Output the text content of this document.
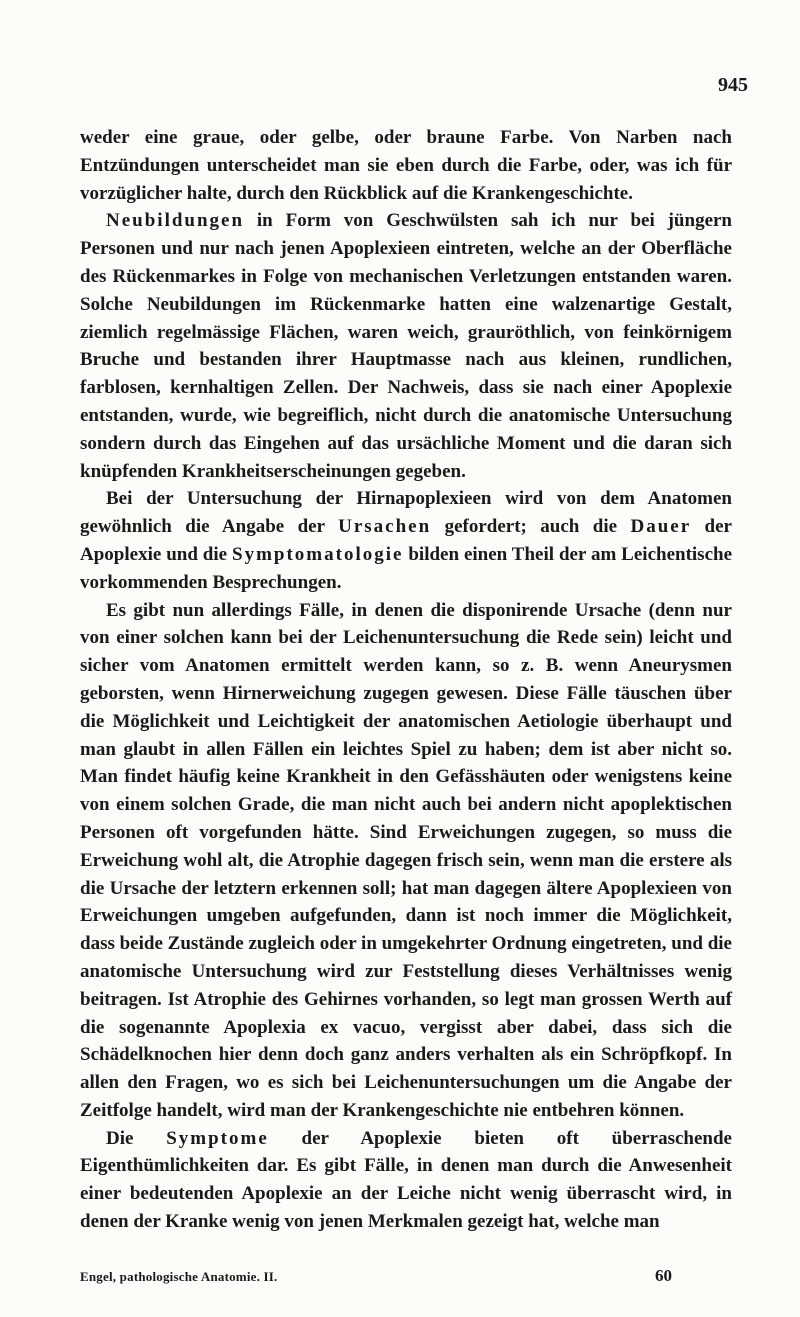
945

weder eine graue, oder gelbe, oder braune Farbe. Von Narben nach Entzündungen unterscheidet man sie eben durch die Farbe, oder, was ich für vorzüglicher halte, durch den Rückblick auf die Krankengeschichte.

Neubildungen in Form von Geschwülsten sah ich nur bei jüngern Personen und nur nach jenen Apoplexieen eintreten, welche an der Oberfläche des Rückenmarkes in Folge von mechanischen Verletzungen entstanden waren. Solche Neubildungen im Rückenmarke hatten eine walzenartige Gestalt, ziemlich regelmässige Flächen, waren weich, grauröthlich, von feinkörnigem Bruche und bestanden ihrer Hauptmasse nach aus kleinen, rundlichen, farblosen, kernhaltigen Zellen. Der Nachweis, dass sie nach einer Apoplexie entstanden, wurde, wie begreiflich, nicht durch die anatomische Untersuchung sondern durch das Eingehen auf das ursächliche Moment und die daran sich knüpfenden Krankheitserscheinungen gegeben.

Bei der Untersuchung der Hirnapoplexieen wird von dem Anatomen gewöhnlich die Angabe der Ursachen gefordert; auch die Dauer der Apoplexie und die Symptomatologie bilden einen Theil der am Leichentische vorkommenden Besprechungen.

Es gibt nun allerdings Fälle, in denen die disponirende Ursache (denn nur von einer solchen kann bei der Leichenuntersuchung die Rede sein) leicht und sicher vom Anatomen ermittelt werden kann, so z. B. wenn Aneurysmen geborsten, wenn Hirnerweichung zugegen gewesen. Diese Fälle täuschen über die Möglichkeit und Leichtigkeit der anatomischen Aetiologie überhaupt und man glaubt in allen Fällen ein leichtes Spiel zu haben; dem ist aber nicht so. Man findet häufig keine Krankheit in den Gefässhäuten oder wenigstens keine von einem solchen Grade, die man nicht auch bei andern nicht apoplektischen Personen oft vorgefunden hätte. Sind Erweichungen zugegen, so muss die Erweichung wohl alt, die Atrophie dagegen frisch sein, wenn man die erstere als die Ursache der letztern erkennen soll; hat man dagegen ältere Apoplexieen von Erweichungen umgeben aufgefunden, dann ist noch immer die Möglichkeit, dass beide Zustände zugleich oder in umgekehrter Ordnung eingetreten, und die anatomische Untersuchung wird zur Feststellung dieses Verhältnisses wenig beitragen. Ist Atrophie des Gehirnes vorhanden, so legt man grossen Werth auf die sogenannte Apoplexia ex vacuo, vergisst aber dabei, dass sich die Schädelknochen hier denn doch ganz anders verhalten als ein Schröpfkopf. In allen den Fragen, wo es sich bei Leichenuntersuchungen um die Angabe der Zeitfolge handelt, wird man der Krankengeschichte nie entbehren können.

Die Symptome der Apoplexie bieten oft überraschende Eigenthümlichkeiten dar. Es gibt Fälle, in denen man durch die Anwesenheit einer bedeutenden Apoplexie an der Leiche nicht wenig überrascht wird, in denen der Kranke wenig von jenen Merkmalen gezeigt hat, welche man

Engel, pathologische Anatomie. II.	60
